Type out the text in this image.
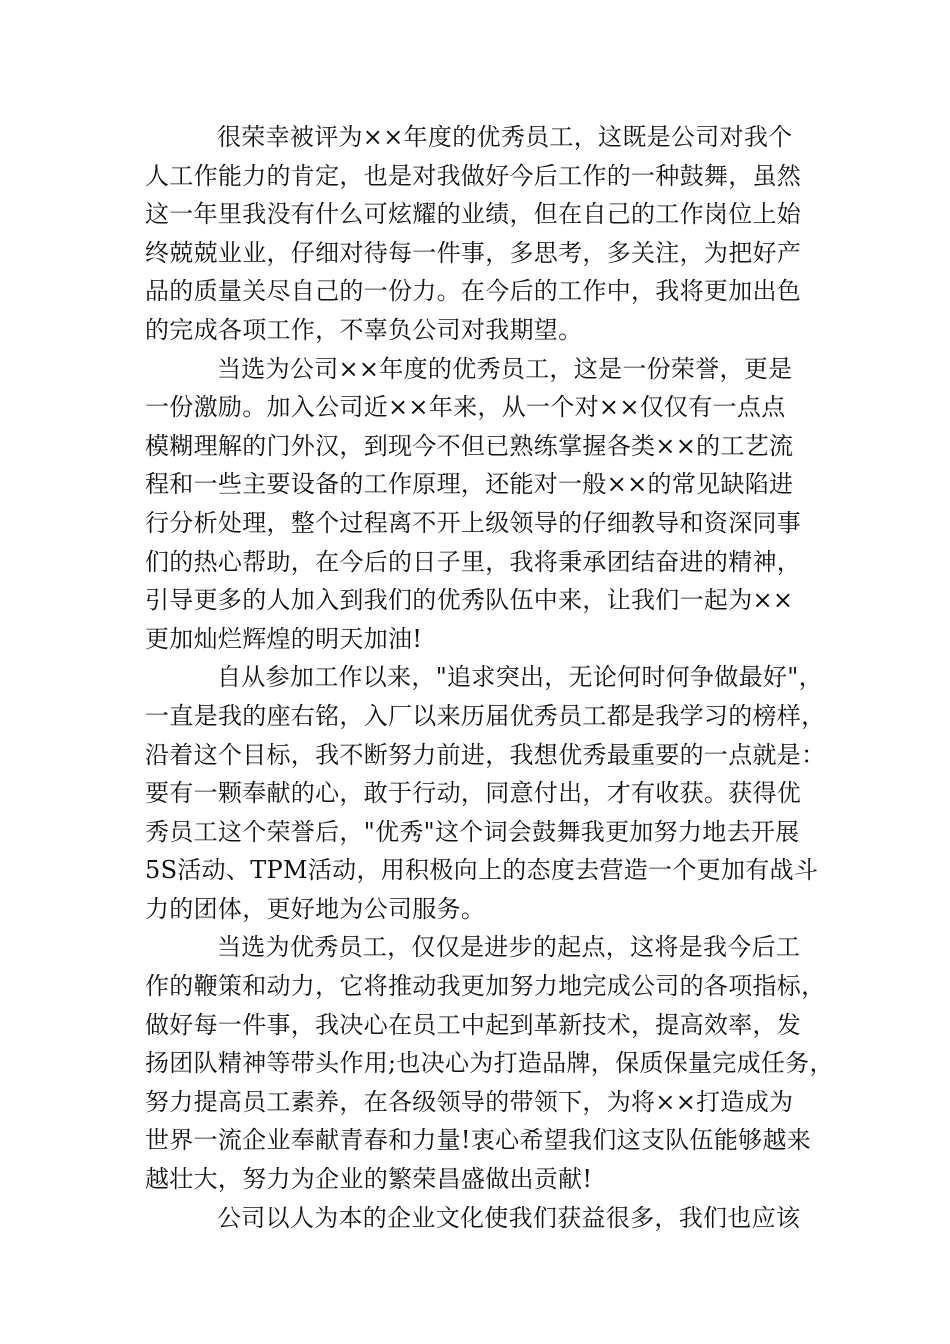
很荣幸被评为××年度的优秀员工，这既是公司对我个
人工作能力的肯定，也是对我做好今后工作的一种鼓舞，虽然
这一年里我没有什么可炫耀的业绩，但在自己的工作岗位上始
终兢兢业业，仔细对待每一件事，多思考，多关注，为把好产
品的质量关尽自己的一份力。在今后的工作中，我将更加出色
的完成各项工作，不辜负公司对我期望。
当选为公司××年度的优秀员工，这是一份荣誉，更是
一份激励。加入公司近××年来，从一个对××仅仅有一点点
模糊理解的门外汉，到现今不但已熟练掌握各类××的工艺流
程和一些主要设备的工作原理，还能对一般××的常见缺陷进
行分析处理，整个过程离不开上级领导的仔细教导和资深同事
们的热心帮助，在今后的日子里，我将秉承团结奋进的精神，
引导更多的人加入到我们的优秀队伍中来，让我们一起为××
更加灿烂辉煌的明天加油!
自从参加工作以来，"追求突出，无论何时何争做最好"，
一直是我的座右铭，入厂以来历届优秀员工都是我学习的榜样，
沿着这个目标，我不断努力前进，我想优秀最重要的一点就是：
要有一颗奉献的心，敢于行动，同意付出，才有收获。获得优
秀员工这个荣誉后，"优秀"这个词会鼓舞我更加努力地去开展
5S活动、TPM活动，用积极向上的态度去营造一个更加有战斗
力的团体，更好地为公司服务。
当选为优秀员工，仅仅是进步的起点，这将是我今后工
作的鞭策和动力，它将推动我更加努力地完成公司的各项指标，
做好每一件事，我决心在员工中起到革新技术，提高效率，发
扬团队精神等带头作用;也决心为打造品牌，保质保量完成任务，
努力提高员工素养，在各级领导的带领下，为将××打造成为
世界一流企业奉献青春和力量!衷心希望我们这支队伍能够越来
越壮大，努力为企业的繁荣昌盛做出贡献!
公司以人为本的企业文化使我们获益很多，我们也应该
